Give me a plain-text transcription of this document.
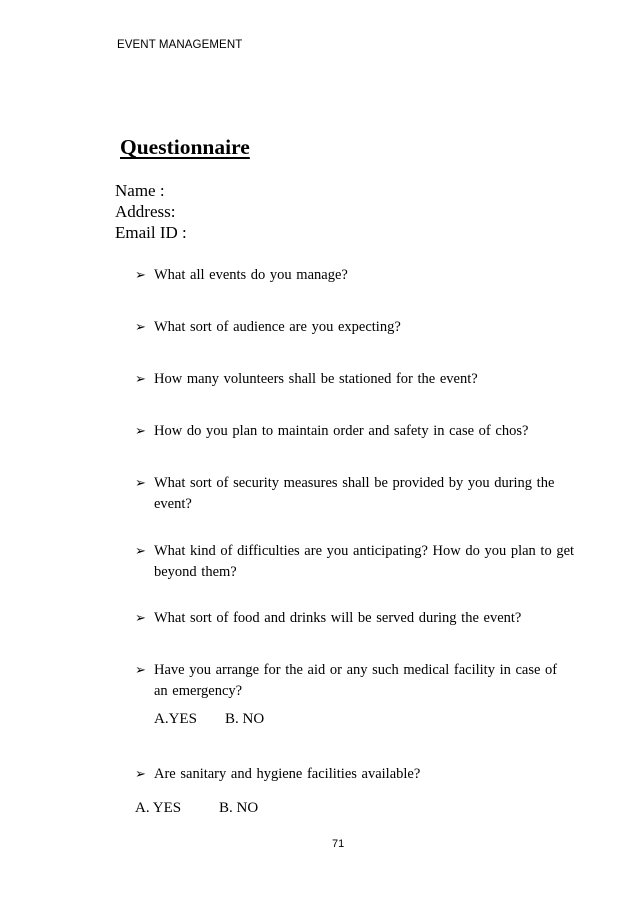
EVENT MANAGEMENT
Questionnaire
Name :
Address:
Email ID :
➢ What all events do you manage?
➢ What sort of audience are you expecting?
➢ How many volunteers shall be stationed for the event?
➢ How do you plan to maintain order and safety in case of chos?
➢ What sort of security measures shall be provided by you during the event?
➢ What kind of difficulties are you anticipating? How do you plan to get beyond them?
➢ What sort of food and drinks will be served during the event?
➢ Have you arrange for the aid or any such medical facility in case of an emergency?
A.YES B. NO
➢ Are sanitary and hygiene facilities available?
A. YES	B. NO
71
